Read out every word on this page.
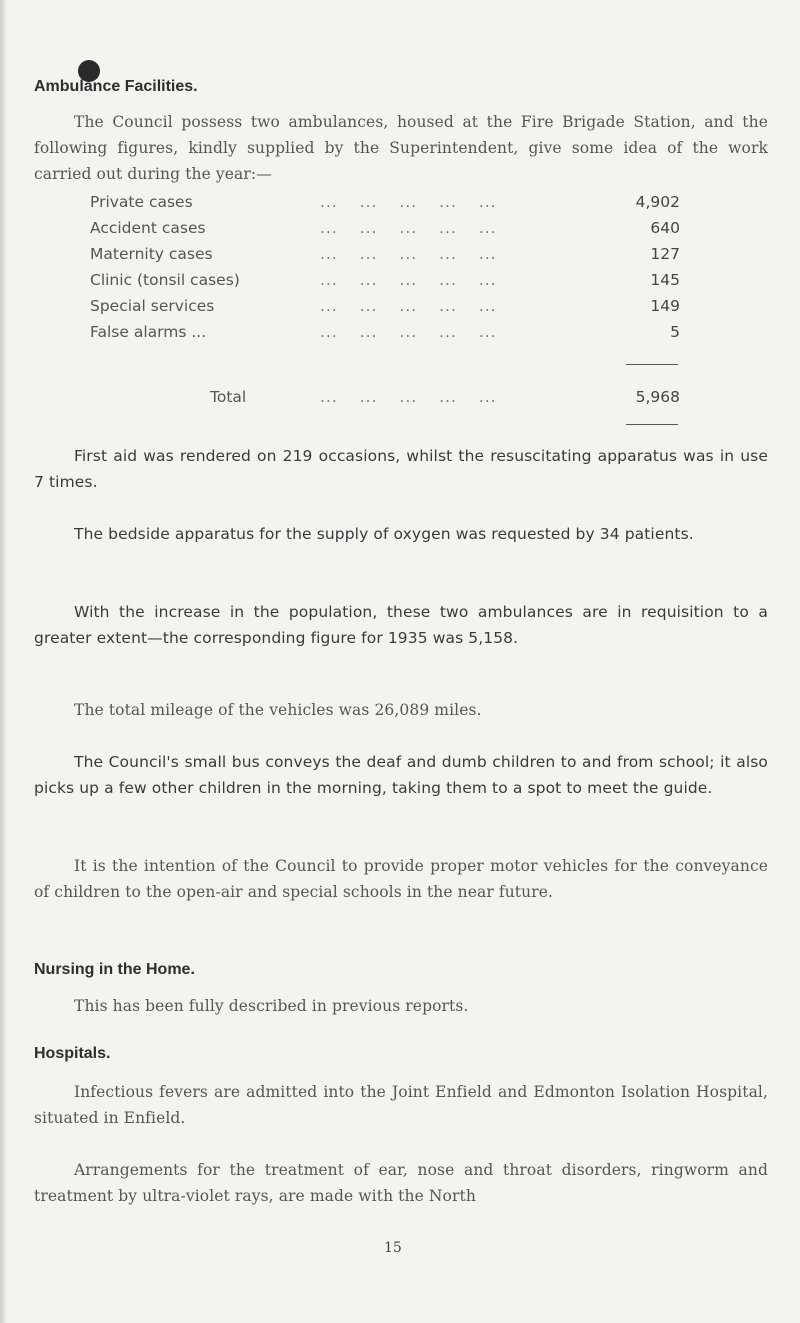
Ambulance Facilities.

The Council possess two ambulances, housed at the Fire Brigade Station, and the following figures, kindly supplied by the Superintendent, give some idea of the work carried out during the year:—

Private cases	... ... ... ... ...	4,902
Accident cases	... ... ... ... ...	640
Maternity cases	... ... ... ... ...	127
Clinic (tonsil cases)	... ... ... ... ...	145
Special services	... ... ... ... ...	149
False alarms ...	... ... ... ... ...	5
Total	... ... ... ... ...	5,968

First aid was rendered on 219 occasions, whilst the resuscitating apparatus was in use 7 times.

The bedside apparatus for the supply of oxygen was requested by 34 patients.

With the increase in the population, these two ambulances are in requisition to a greater extent—the corresponding figure for 1935 was 5,158.

The total mileage of the vehicles was 26,089 miles.

The Council's small bus conveys the deaf and dumb children to and from school; it also picks up a few other children in the morning, taking them to a spot to meet the guide.

It is the intention of the Council to provide proper motor vehicles for the conveyance of children to the open-air and special schools in the near future.

Nursing in the Home.

This has been fully described in previous reports.

Hospitals.

Infectious fevers are admitted into the Joint Enfield and Edmonton Isolation Hospital, situated in Enfield.

Arrangements for the treatment of ear, nose and throat disorders, ringworm and treatment by ultra-violet rays, are made with the North

15
